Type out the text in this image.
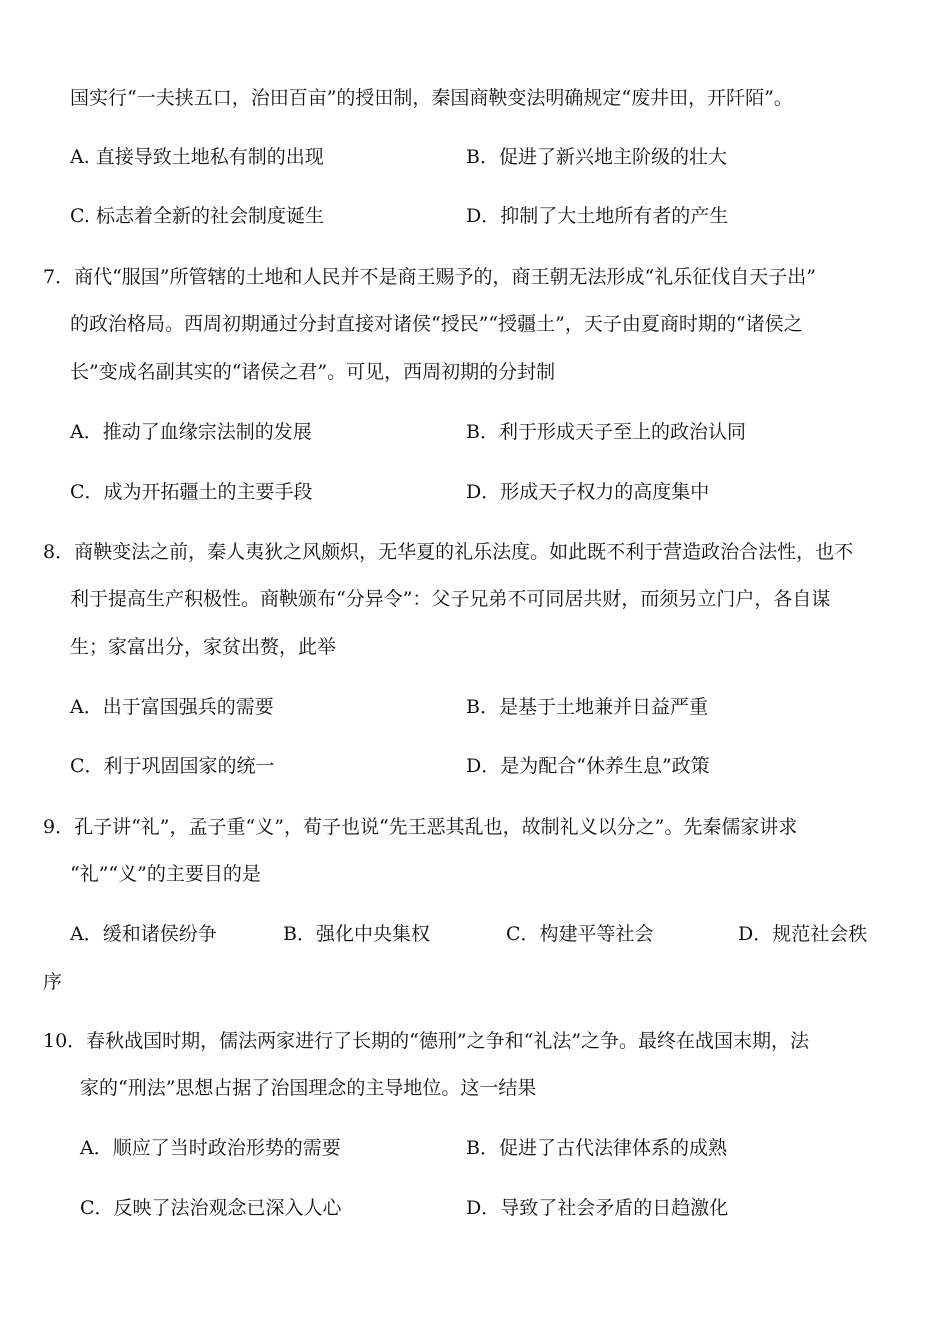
国实行“一夫挟五口，治田百亩”的授田制，秦国商鞅变法明确规定“废井田，开阡陌”。
A. 直接导致土地私有制的出现	B．促进了新兴地主阶级的壮大
C. 标志着全新的社会制度诞生	D．抑制了大土地所有者的产生
7．商代“服国”所管辖的土地和人民并不是商王赐予的，商王朝无法形成“礼乐征伐自天子出”
的政治格局。西周初期通过分封直接对诸侯“授民”“授疆土”，天子由夏商时期的“诸侯之
长”变成名副其实的“诸侯之君”。可见，西周初期的分封制
A．推动了血缘宗法制的发展	B．利于形成天子至上的政治认同
C．成为开拓疆土的主要手段	D．形成天子权力的高度集中
8．商鞅变法之前，秦人夷狄之风颇炽，无华夏的礼乐法度。如此既不利于营造政治合法性，也不
利于提高生产积极性。商鞅颁布“分异令”：父子兄弟不可同居共财，而须另立门户，各自谋
生；家富出分，家贫出赘，此举
A．出于富国强兵的需要	B．是基于土地兼并日益严重
C．利于巩固国家的统一	D．是为配合“休养生息”政策
9．孔子讲“礼”，孟子重“义”，荀子也说“先王恶其乱也，故制礼义以分之”。先秦儒家讲求
“礼”“义”的主要目的是
A．缓和诸侯纷争	B．强化中央集权	C．构建平等社会	D．规范社会秩
序
10．春秋战国时期，儒法两家进行了长期的“德刑”之争和“礼法”之争。最终在战国末期，法
家的“刑法”思想占据了治国理念的主导地位。这一结果
A．顺应了当时政治形势的需要	B．促进了古代法律体系的成熟
C．反映了法治观念已深入人心	D．导致了社会矛盾的日趋激化
